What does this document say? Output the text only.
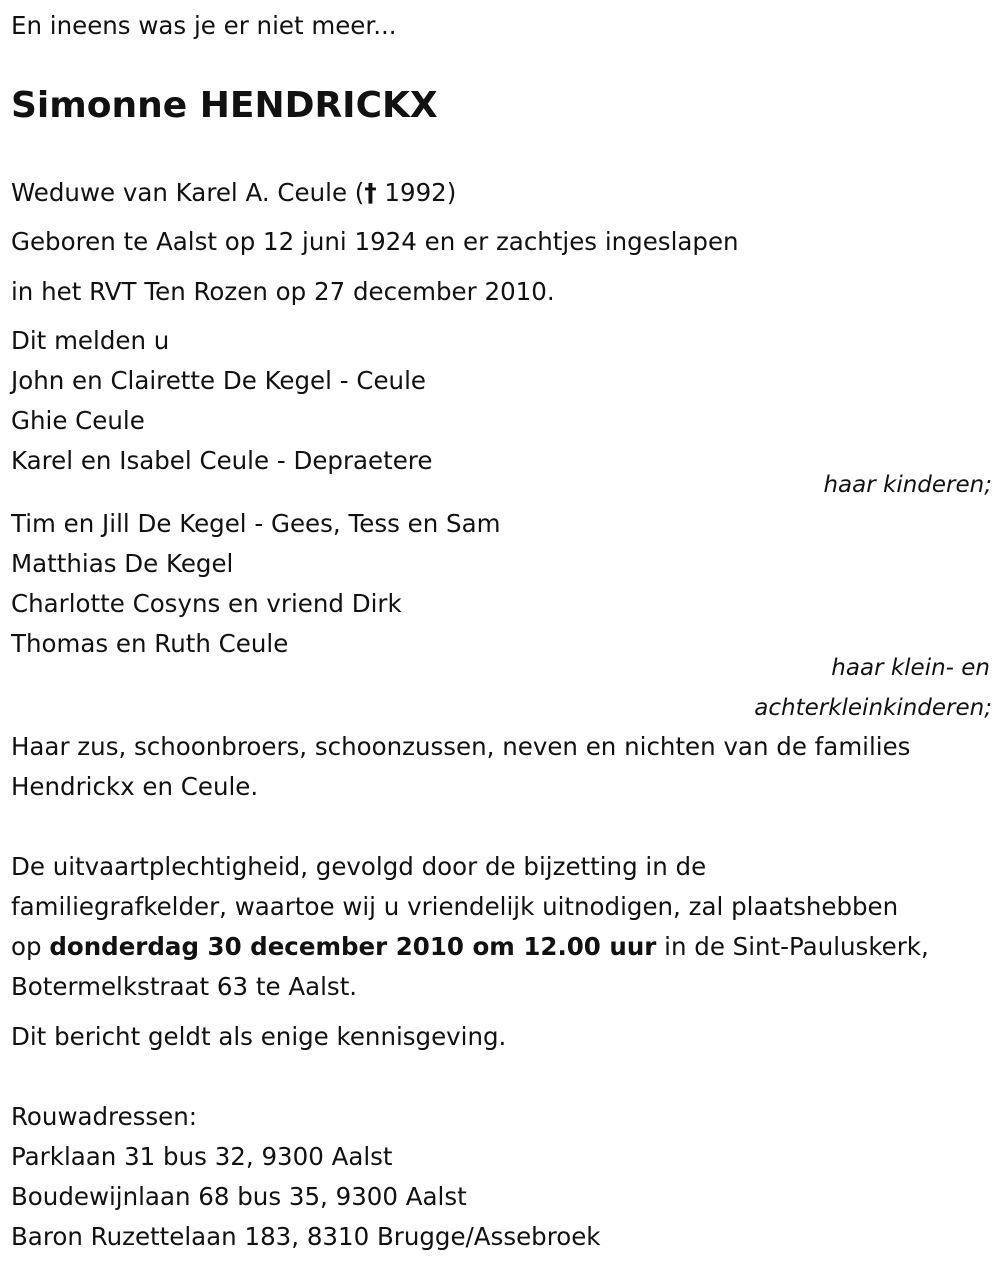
En ineens was je er niet meer...
Simonne HENDRICKX
Weduwe van Karel A. Ceule († 1992)
Geboren te Aalst op 12 juni 1924 en er zachtjes ingeslapen
in het RVT Ten Rozen op 27 december 2010.
Dit melden u
John en Clairette De Kegel - Ceule
Ghie Ceule
Karel en Isabel Ceule - Depraetere
haar kinderen;
Tim en Jill De Kegel - Gees, Tess en Sam
Matthias De Kegel
Charlotte Cosyns en vriend Dirk
Thomas en Ruth Ceule
haar klein- en
achterkleinkinderen;
Haar zus, schoonbroers, schoonzussen, neven en nichten van de families
Hendrickx en Ceule.
De uitvaartplechtigheid, gevolgd door de bijzetting in de
familiegrafkelder, waartoe wij u vriendelijk uitnodigen, zal plaatshebben
op donderdag 30 december 2010 om 12.00 uur in de Sint-Pauluskerk,
Botermelkstraat 63 te Aalst.
Dit bericht geldt als enige kennisgeving.
Rouwadressen:
Parklaan 31 bus 32, 9300 Aalst
Boudewijnlaan 68 bus 35, 9300 Aalst
Baron Ruzettelaan 183, 8310 Brugge/Assebroek
